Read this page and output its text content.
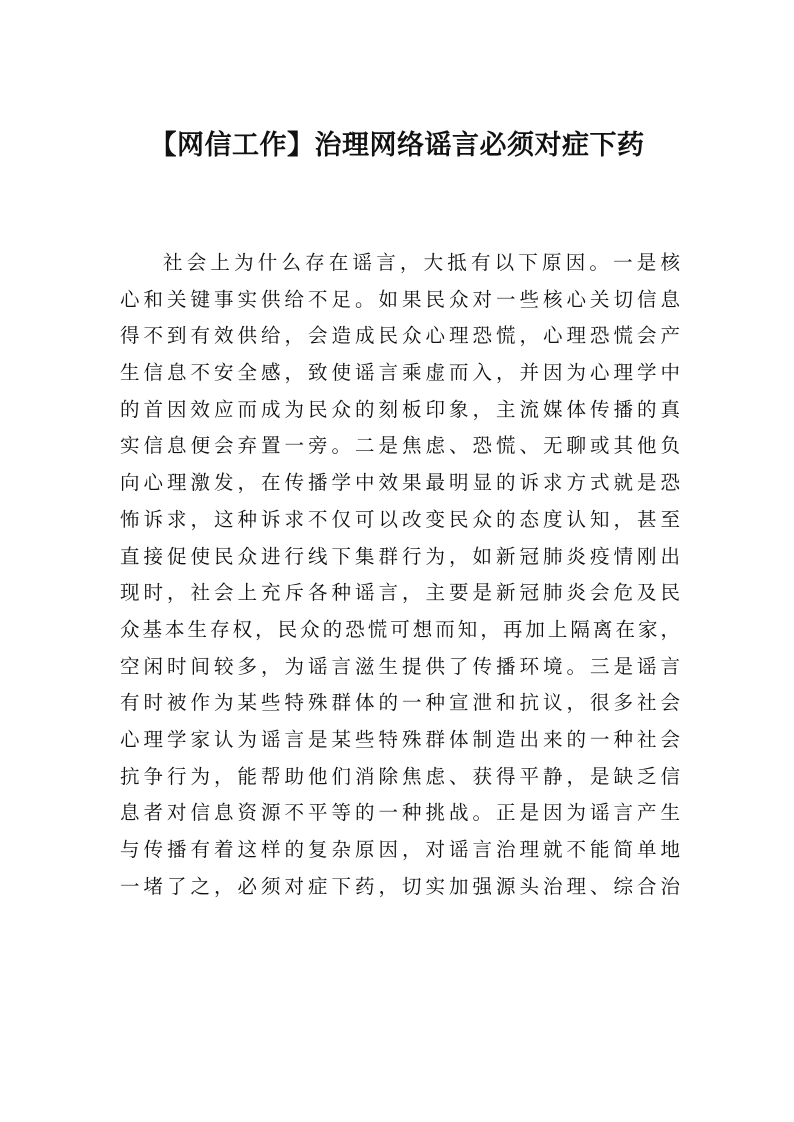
【网信工作】治理网络谣言必须对症下药
社会上为什么存在谣言，大抵有以下原因。一是核
心和关键事实供给不足。如果民众对一些核心关切信息
得不到有效供给，会造成民众心理恐慌，心理恐慌会产
生信息不安全感，致使谣言乘虚而入，并因为心理学中
的首因效应而成为民众的刻板印象，主流媒体传播的真
实信息便会弃置一旁。二是焦虑、恐慌、无聊或其他负
向心理激发，在传播学中效果最明显的诉求方式就是恐
怖诉求，这种诉求不仅可以改变民众的态度认知，甚至
直接促使民众进行线下集群行为，如新冠肺炎疫情刚出
现时，社会上充斥各种谣言，主要是新冠肺炎会危及民
众基本生存权，民众的恐慌可想而知，再加上隔离在家，
空闲时间较多，为谣言滋生提供了传播环境。三是谣言
有时被作为某些特殊群体的一种宣泄和抗议，很多社会
心理学家认为谣言是某些特殊群体制造出来的一种社会
抗争行为，能帮助他们消除焦虑、获得平静，是缺乏信
息者对信息资源不平等的一种挑战。正是因为谣言产生
与传播有着这样的复杂原因，对谣言治理就不能简单地
一堵了之，必须对症下药，切实加强源头治理、综合治
